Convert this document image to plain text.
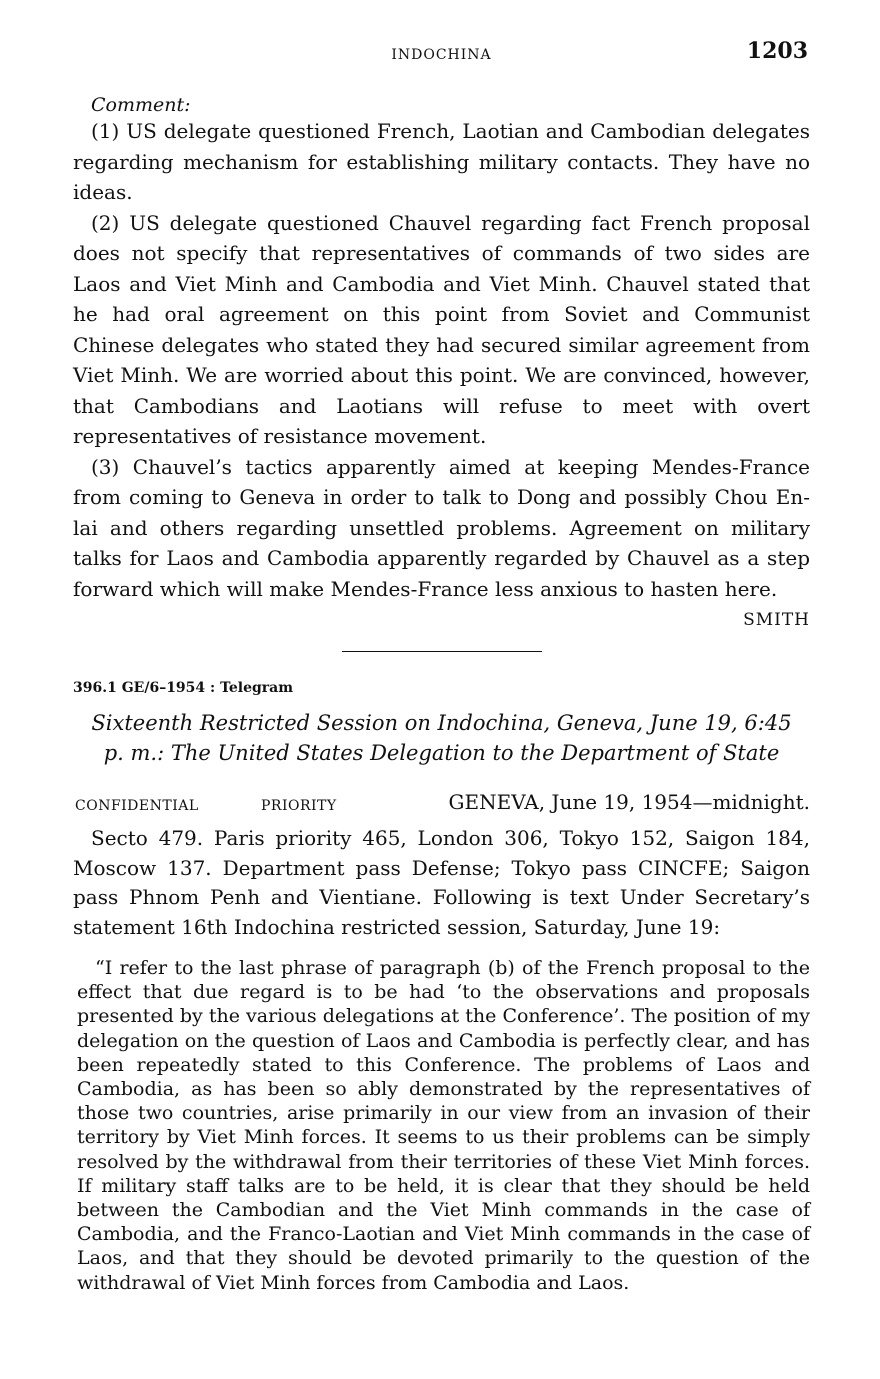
INDOCHINA	1203
Comment:

(1) US delegate questioned French, Laotian and Cambodian delegates regarding mechanism for establishing military contacts. They have no ideas.

(2) US delegate questioned Chauvel regarding fact French proposal does not specify that representatives of commands of two sides are Laos and Viet Minh and Cambodia and Viet Minh. Chauvel stated that he had oral agreement on this point from Soviet and Communist Chinese delegates who stated they had secured similar agreement from Viet Minh. We are worried about this point. We are convinced, however, that Cambodians and Laotians will refuse to meet with overt representatives of resistance movement.

(3) Chauvel’s tactics apparently aimed at keeping Mendes-France from coming to Geneva in order to talk to Dong and possibly Chou En-lai and others regarding unsettled problems. Agreement on military talks for Laos and Cambodia apparently regarded by Chauvel as a step forward which will make Mendes-France less anxious to hasten here.

SMITH
396.1 GE/6–1954 : Telegram
Sixteenth Restricted Session on Indochina, Geneva, June 19, 6:45
p. m.: The United States Delegation to the Department of State
CONFIDENTIAL	PRIORITY	GENEVA, June 19, 1954—midnight.

Secto 479. Paris priority 465, London 306, Tokyo 152, Saigon 184, Moscow 137. Department pass Defense; Tokyo pass CINCFE; Saigon pass Phnom Penh and Vientiane. Following is text Under Secretary’s statement 16th Indochina restricted session, Saturday, June 19:

“I refer to the last phrase of paragraph (b) of the French proposal to the effect that due regard is to be had ‘to the observations and proposals presented by the various delegations at the Conference’. The position of my delegation on the question of Laos and Cambodia is perfectly clear, and has been repeatedly stated to this Conference. The problems of Laos and Cambodia, as has been so ably demonstrated by the representatives of those two countries, arise primarily in our view from an invasion of their territory by Viet Minh forces. It seems to us their problems can be simply resolved by the withdrawal from their territories of these Viet Minh forces. If military staff talks are to be held, it is clear that they should be held between the Cambodian and the Viet Minh commands in the case of Cambodia, and the Franco-Laotian and Viet Minh commands in the case of Laos, and that they should be devoted primarily to the question of the withdrawal of Viet Minh forces from Cambodia and Laos.
